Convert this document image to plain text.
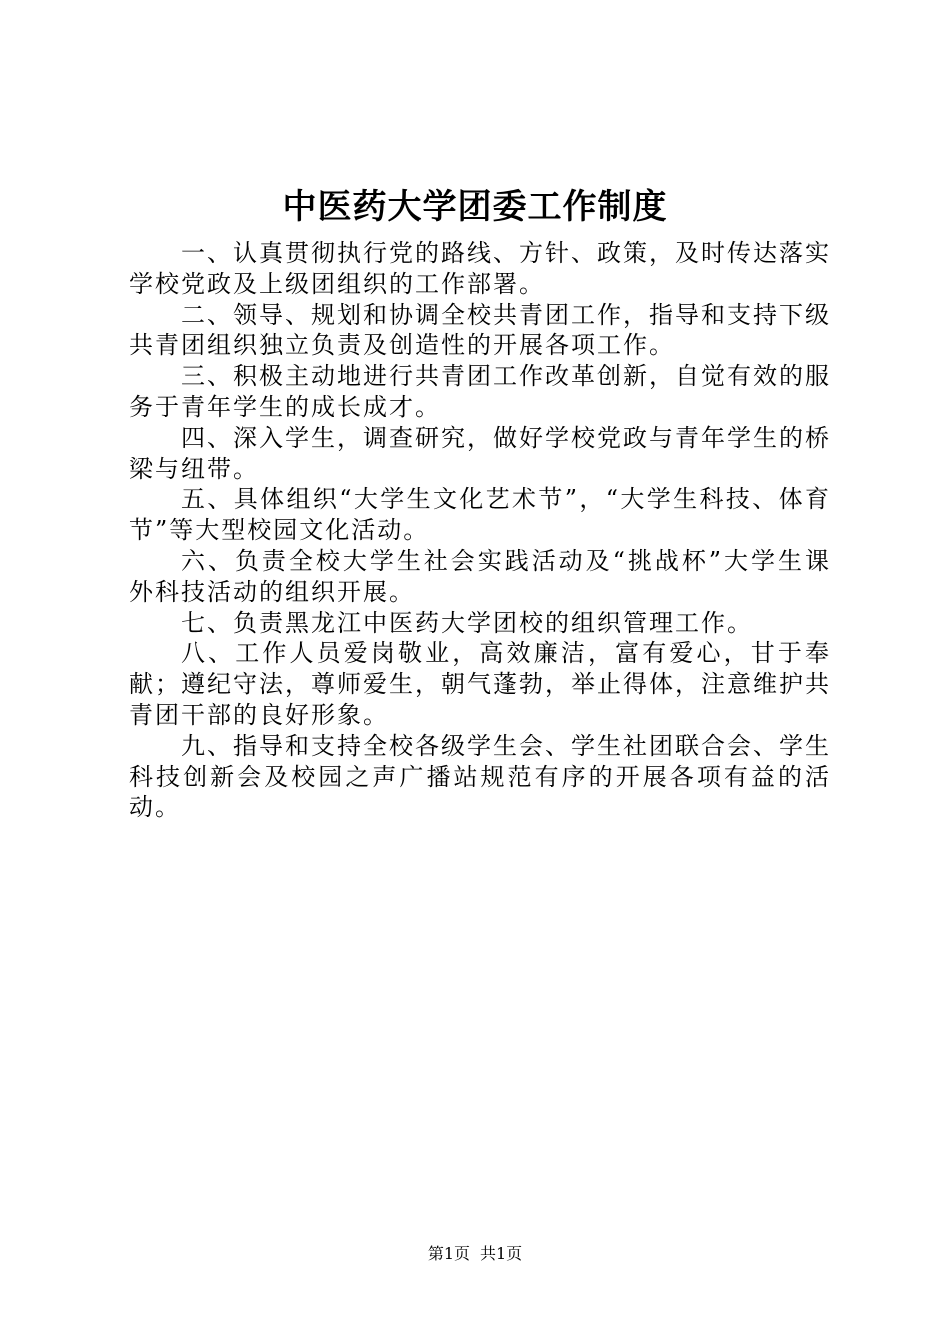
中医药大学团委工作制度

一、认真贯彻执行党的路线、方针、政策，及时传达落实学校党政及上级团组织的工作部署。

二、领导、规划和协调全校共青团工作，指导和支持下级共青团组织独立负责及创造性的开展各项工作。

三、积极主动地进行共青团工作改革创新，自觉有效的服务于青年学生的成长成才。

四、深入学生，调查研究，做好学校党政与青年学生的桥梁与纽带。

五、具体组织“大学生文化艺术节”，“大学生科技、体育节”等大型校园文化活动。

六、负责全校大学生社会实践活动及“挑战杯”大学生课外科技活动的组织开展。

七、负责黑龙江中医药大学团校的组织管理工作。

八、工作人员爱岗敬业，高效廉洁，富有爱心，甘于奉献；遵纪守法，尊师爱生，朝气蓬勃，举止得体，注意维护共青团干部的良好形象。

九、指导和支持全校各级学生会、学生社团联合会、学生科技创新会及校园之声广播站规范有序的开展各项有益的活动。

第1页 共1页
